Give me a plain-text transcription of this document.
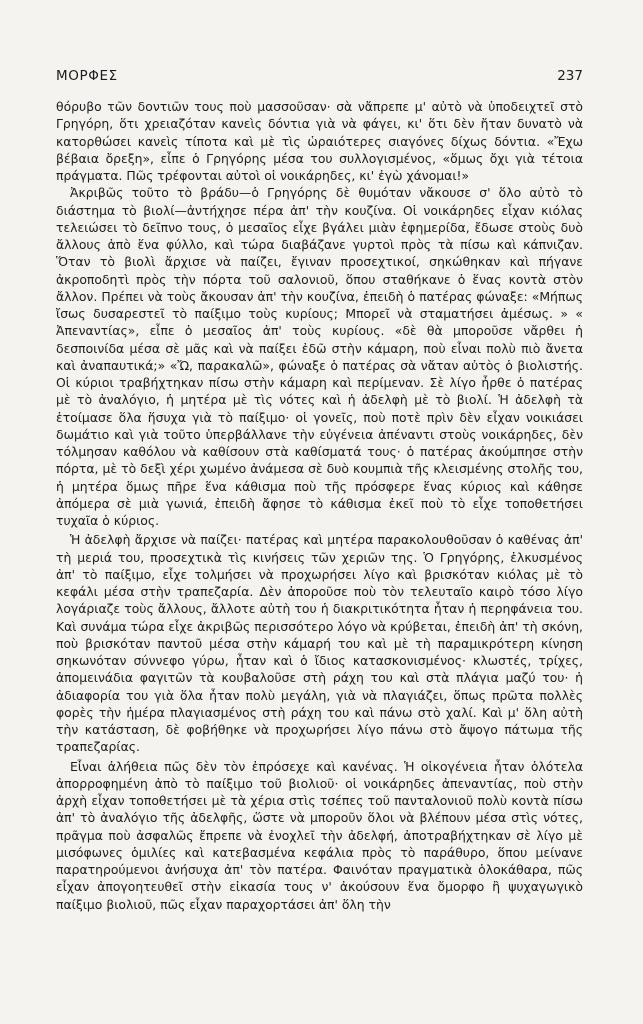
ΜΟΡΦΕΣ	237

θόρυβο τῶν δοντιῶν τους ποὺ μασσοῦσαν· σὰ νἄπρεπε μ' αὐτὸ νὰ ὑποδειχτεῖ στὸ Γρηγόρη, ὅτι χρειαζόταν κανεὶς δόντια γιὰ νὰ φάγει, κι' ὅτι δὲν ἤταν δυνατὸ νὰ κατορθώσει κανεὶς τίποτα καὶ μὲ τὶς ὡραιότερες σιαγόνες δίχως δόντια. «Ἔχω βέβαια ὄρεξη», εἶπε ὁ Γρηγόρης μέσα του συλλογισμένος, «ὅμως ὄχι γιὰ τέτοια πράγματα. Πῶς τρέφονται αὐτοὶ οἱ νοικάρηδες, κι' ἐγὼ χάνομαι!»

Ἀκριβῶς τοῦτο τὸ βράδυ—ὁ Γρηγόρης δὲ θυμόταν νἄκουσε σ' ὅλο αὐτὸ τὸ διάστημα τὸ βιολί—ἀντήχησε πέρα ἀπ' τὴν κουζίνα. Οἱ νοικάρηδες εἶχαν κιόλας τελειώσει τὸ δεῖπνο τους, ὁ μεσαῖος εἶχε βγάλει μιὰν ἐφημερίδα, ἔδωσε στοὺς δυὸ ἄλλους ἀπὸ ἕνα φύλλο, καὶ τώρα διαβάζανε γυρτοὶ πρὸς τὰ πίσω καὶ κάπνιζαν. Ὅταν τὸ βιολὶ ἄρχισε νὰ παίζει, ἔγιναν προσεχτικοί, σηκώθηκαν καὶ πήγανε ἀκροποδητὶ πρὸς τὴν πόρτα τοῦ σαλονιοῦ, ὅπου σταθήκανε ὁ ἕνας κοντὰ στὸν ἄλλον. Πρέπει νὰ τοὺς ἄκουσαν ἀπ' τὴν κουζίνα, ἐπειδὴ ὁ πατέρας φώναξε: «Μήπως ἴσως δυσαρεστεῖ τὸ παίξιμο τοὺς κυρίους; Μπορεῖ νὰ σταματήσει ἀμέσως. » « Ἀπεναντίας», εἶπε ὁ μεσαῖος ἀπ' τοὺς κυρίους. «δὲ θὰ μποροῦσε νἄρθει ἡ δεσποινίδα μέσα σὲ μᾶς καὶ νὰ παίξει ἐδῶ στὴν κάμαρη, ποὺ εἶναι πολὺ πιὸ ἄνετα καὶ ἀναπαυτικά;» «Ὤ, παρακαλῶ», φώναξε ὁ πατέρας σὰ νἄταν αὐτὸς ὁ βιολιστής. Οἱ κύριοι τραβήχτηκαν πίσω στὴν κάμαρη καὶ περίμεναν. Σὲ λίγο ἦρθε ὁ πατέρας μὲ τὸ ἀναλόγιο, ἡ μητέρα μὲ τὶς νότες καὶ ἡ ἀδελφὴ μὲ τὸ βιολί. Ἡ ἀδελφὴ τὰ ἑτοίμασε ὅλα ἥσυχα γιὰ τὸ παίξιμο· οἱ γονεῖς, ποὺ ποτὲ πρὶν δὲν εἶχαν νοικιάσει δωμάτιο καὶ γιὰ τοῦτο ὑπερβάλλανε τὴν εὐγένεια ἀπέναντι στοὺς νοικάρηδες, δὲν τόλμησαν καθόλου νὰ καθίσουν στὰ καθίσματά τους· ὁ πατέρας ἀκούμπησε στὴν πόρτα, μὲ τὸ δεξὶ χέρι χωμένο ἀνάμεσα σὲ δυὸ κουμπιὰ τῆς κλεισμένης στολῆς του, ἡ μητέρα ὅμως πῆρε ἕνα κάθισμα ποὺ τῆς πρόσφερε ἕνας κύριος καὶ κάθησε ἀπόμερα σὲ μιὰ γωνιά, ἐπειδὴ ἄφησε τὸ κάθισμα ἐκεῖ ποὺ τὸ εἶχε τοποθετήσει τυχαῖα ὁ κύριος.

Ἡ ἀδελφὴ ἄρχισε νὰ παίζει· πατέρας καὶ μητέρα παρακολουθοῦσαν ὁ καθένας ἀπ' τὴ μεριά του, προσεχτικὰ τὶς κινήσεις τῶν χεριῶν της. Ὁ Γρηγόρης, ἑλκυσμένος ἀπ' τὸ παίξιμο, εἶχε τολμήσει νὰ προχωρήσει λίγο καὶ βρισκόταν κιόλας μὲ τὸ κεφάλι μέσα στὴν τραπεζαρία. Δὲν ἀποροῦσε ποὺ τὸν τελευταῖο καιρὸ τόσο λίγο λογάριαζε τοὺς ἄλλους, ἄλλοτε αὐτὴ του ἡ διακριτικότητα ἦταν ἡ περηφάνεια του. Καὶ συνάμα τώρα εἶχε ἀκριβῶς περισσότερο λόγο νὰ κρύβεται, ἐπειδὴ ἀπ' τὴ σκόνη, ποὺ βρισκόταν παντοῦ μέσα στὴν κάμαρή του καὶ μὲ τὴ παραμικρότερη κίνηση σηκωνόταν σύννεφο γύρω, ἦταν καὶ ὁ ἴδιος κατασκονισμένος· κλωστές, τρίχες, ἀπομεινάδια φαγιτῶν τὰ κουβαλοῦσε στὴ ράχη του καὶ στὰ πλάγια μαζύ του· ἡ ἀδιαφορία του γιὰ ὅλα ἦταν πολὺ μεγάλη, γιὰ νὰ πλαγιάζει, ὅπως πρῶτα πολλὲς φορὲς τὴν ἡμέρα πλαγιασμένος στὴ ράχη του καὶ πάνω στὸ χαλί. Καὶ μ' ὅλη αὐτὴ τὴν κατάσταση, δὲ φοβήθηκε νὰ προχωρήσει λίγο πάνω στὸ ἄψογο πάτωμα τῆς τραπεζαρίας.

Εἶναι ἀλήθεια πῶς δὲν τὸν ἐπρόσεχε καὶ κανένας. Ἡ οἰκογένεια ἦταν ὁλότελα ἀπορροφημένη ἀπὸ τὸ παίξιμο τοῦ βιολιοῦ· οἱ νοικάρηδες ἀπεναντίας, ποὺ στὴν ἀρχὴ εἶχαν τοποθετήσει μὲ τὰ χέρια στὶς τσέπες τοῦ πανταλονιοῦ πολὺ κοντὰ πίσω ἀπ' τὸ ἀναλόγιο τῆς ἀδελφῆς, ὥστε νὰ μποροῦν ὅλοι νὰ βλέπουν μέσα στὶς νότες, πρᾶγμα ποὺ ἀσφαλῶς ἔπρεπε νὰ ἐνοχλεῖ τὴν ἀδελφή, ἀποτραβήχτηκαν σὲ λίγο μὲ μισόφωνες ὁμιλίες καὶ κατεβασμένα κεφάλια πρὸς τὸ παράθυρο, ὅπου μείνανε παρατηρούμενοι ἀνήσυχα ἀπ' τὸν πατέρα. Φαινόταν πραγματικὰ ὁλοκάθαρα, πῶς εἶχαν ἀπογοητευθεῖ στὴν εἰκασία τους ν' ἀκούσουν ἕνα ὄμορφο ἢ ψυχαγωγικὸ παίξιμο βιολιοῦ, πῶς εἶχαν παραχορτάσει ἀπ' ὅλη τὴν
